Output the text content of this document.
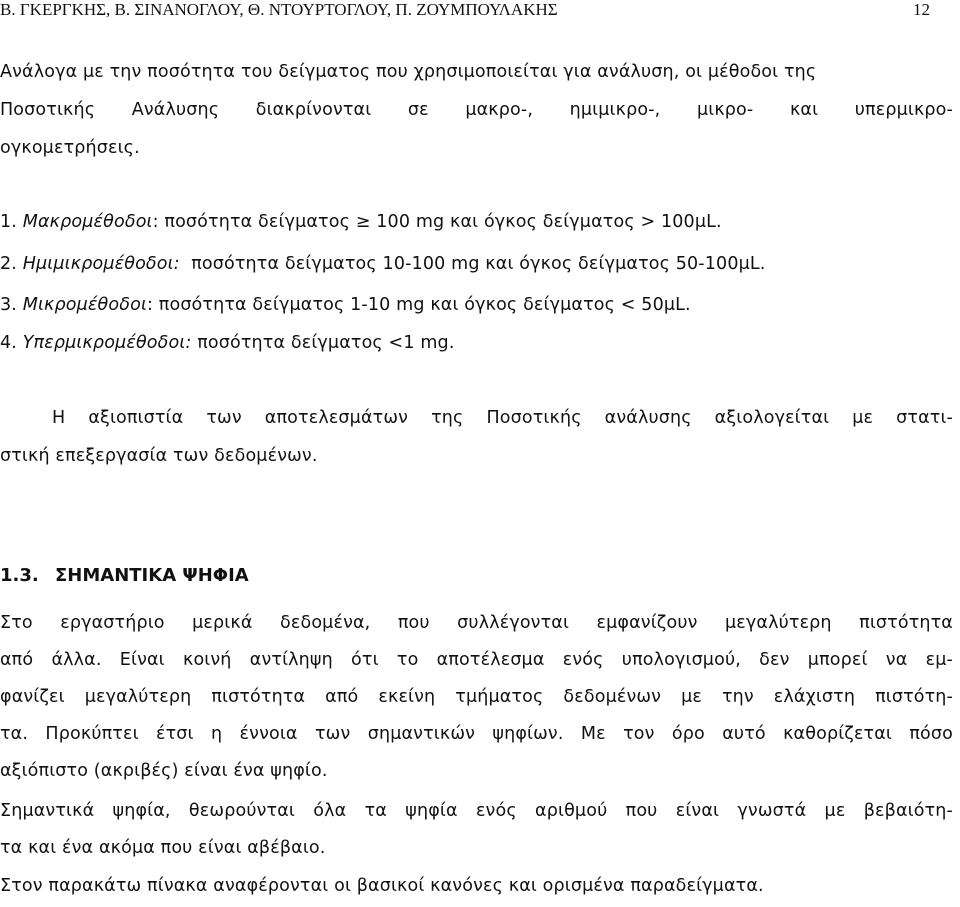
Β. ΓΚΕΡΓΚΗΣ, Β. ΣΙΝΑΝΟΓΛΟΥ, Θ. ΝΤΟΥΡΤΟΓΛΟΥ, Π. ΖΟΥΜΠΟΥΛΑΚΗΣ	12
Ανάλογα με την ποσότητα του δείγματος που χρησιμοποιείται για ανάλυση, οι μέθοδοι της
Ποσοτικής Ανάλυσης διακρίνονται σε μακρο-, ημιμικρο-, μικρο- και υπερμικρο-
ογκομετρήσεις.
1. Μακρομέθοδοι: ποσότητα δείγματος ≥ 100 mg και όγκος δείγματος > 100μL.
2. Ημιμικρομέθοδοι:  ποσότητα δείγματος 10-100 mg και όγκος δείγματος 50-100μL.
3. Μικρομέθοδοι: ποσότητα δείγματος 1-10 mg και όγκος δείγματος < 50μL.
4. Υπερμικρομέθοδοι: ποσότητα δείγματος <1 mg.
Η αξιοπιστία των αποτελεσμάτων της Ποσοτικής ανάλυσης αξιολογείται με στατι-
στική επεξεργασία των δεδομένων.
1.3. ΣΗΜΑΝΤΙΚΑ ΨΗΦΙΑ
Στο εργαστήριο μερικά δεδομένα, που συλλέγονται εμφανίζουν μεγαλύτερη πιστότητα
από άλλα. Είναι κοινή αντίληψη ότι το αποτέλεσμα ενός υπολογισμού, δεν μπορεί να εμ-
φανίζει μεγαλύτερη πιστότητα από εκείνη τμήματος δεδομένων με την ελάχιστη πιστότη-
τα. Προκύπτει έτσι η έννοια των σημαντικών ψηφίων. Με τον όρο αυτό καθορίζεται πόσο
αξιόπιστο (ακριβές) είναι ένα ψηφίο.
Σημαντικά ψηφία, θεωρούνται όλα τα ψηφία ενός αριθμού που είναι γνωστά με βεβαιότη-
τα και ένα ακόμα που είναι αβέβαιο.
Στον παρακάτω πίνακα αναφέρονται οι βασικοί κανόνες και ορισμένα παραδείγματα.
